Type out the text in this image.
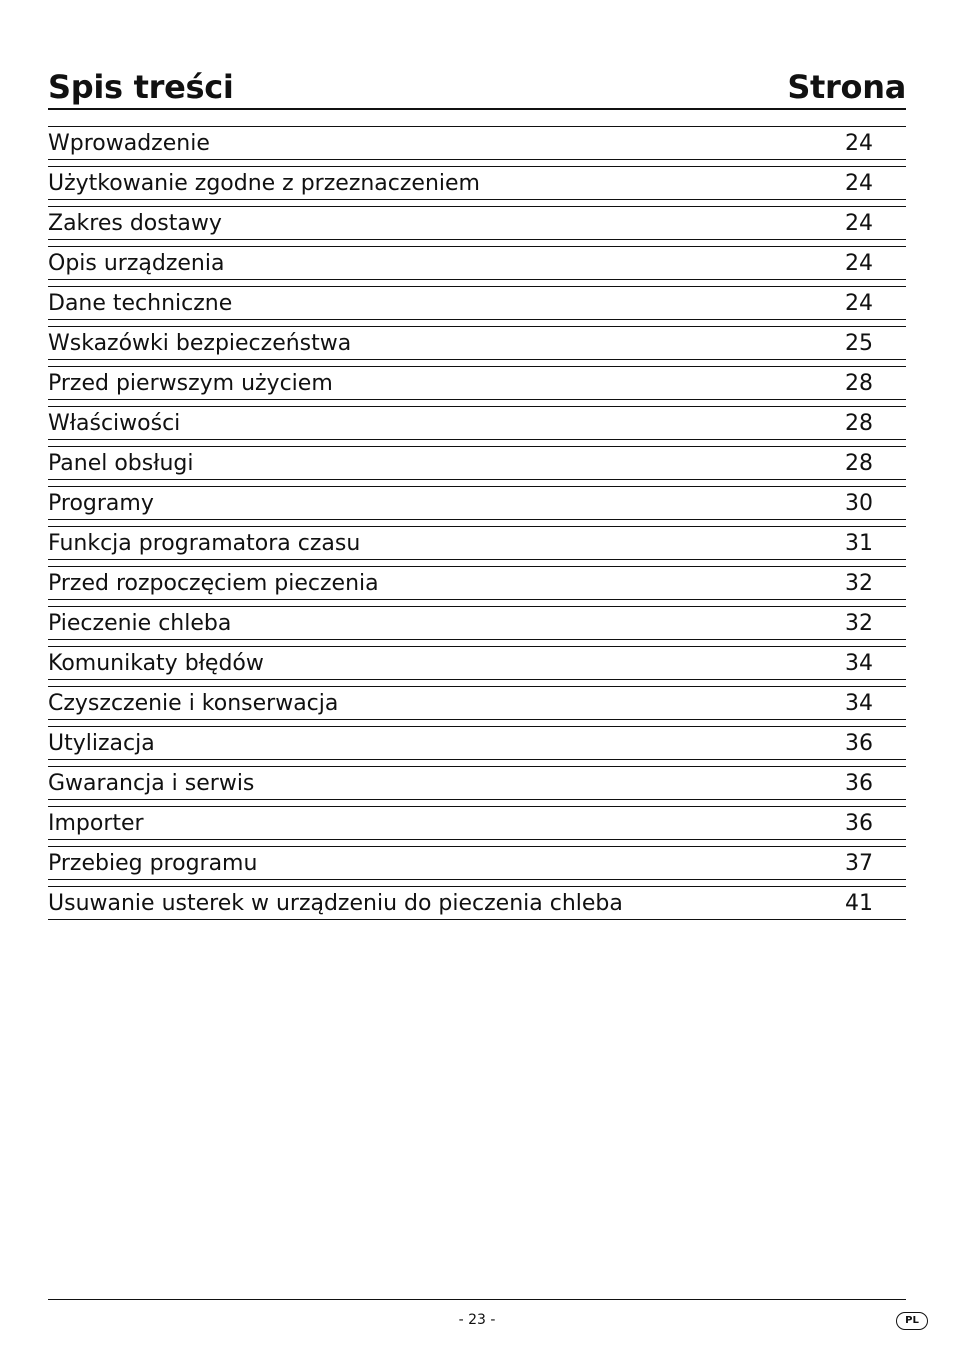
Spis treści	Strona
Wprowadzenie	24
Użytkowanie zgodne z przeznaczeniem	24
Zakres dostawy	24
Opis urządzenia	24
Dane techniczne	24
Wskazówki bezpieczeństwa	25
Przed pierwszym użyciem	28
Właściwości	28
Panel obsługi	28
Programy	30
Funkcja programatora czasu	31
Przed rozpoczęciem pieczenia	32
Pieczenie chleba	32
Komunikaty błędów	34
Czyszczenie i konserwacja	34
Utylizacja	36
Gwarancja i serwis	36
Importer	36
Przebieg programu	37
Usuwanie usterek w urządzeniu do pieczenia chleba	41
- 23 -	PL
